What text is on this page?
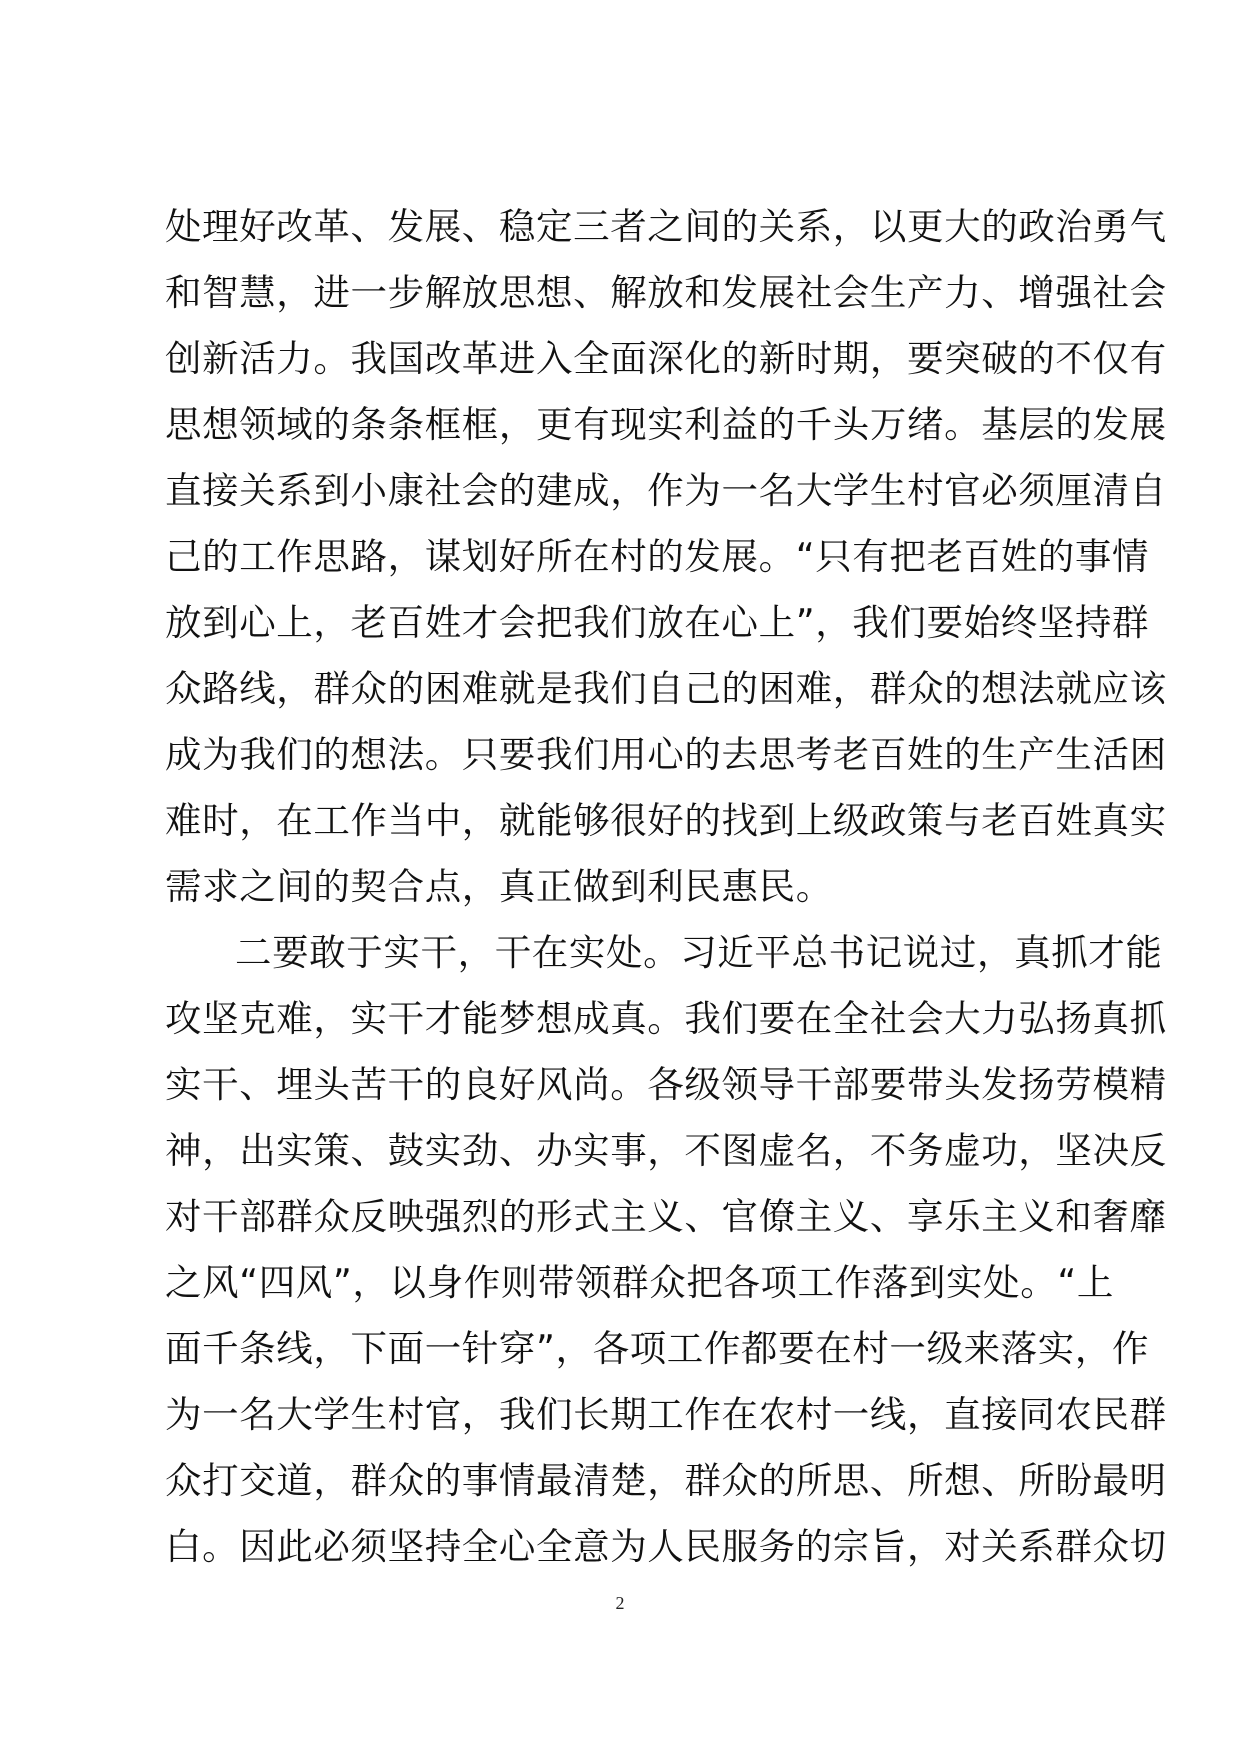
处理好改革、发展、稳定三者之间的关系，以更大的政治勇气
和智慧，进一步解放思想、解放和发展社会生产力、增强社会
创新活力。我国改革进入全面深化的新时期，要突破的不仅有
思想领域的条条框框，更有现实利益的千头万绪。基层的发展
直接关系到小康社会的建成，作为一名大学生村官必须厘清自
己的工作思路，谋划好所在村的发展。“只有把老百姓的事情
放到心上，老百姓才会把我们放在心上”，我们要始终坚持群
众路线，群众的困难就是我们自己的困难，群众的想法就应该
成为我们的想法。只要我们用心的去思考老百姓的生产生活困
难时，在工作当中，就能够很好的找到上级政策与老百姓真实
需求之间的契合点，真正做到利民惠民。
二要敢于实干，干在实处。习近平总书记说过，真抓才能
攻坚克难，实干才能梦想成真。我们要在全社会大力弘扬真抓
实干、埋头苦干的良好风尚。各级领导干部要带头发扬劳模精
神，出实策、鼓实劲、办实事，不图虚名，不务虚功，坚决反
对干部群众反映强烈的形式主义、官僚主义、享乐主义和奢靡
之风“四风”，以身作则带领群众把各项工作落到实处。“上
面千条线，下面一针穿”，各项工作都要在村一级来落实，作
为一名大学生村官，我们长期工作在农村一线，直接同农民群
众打交道，群众的事情最清楚，群众的所思、所想、所盼最明
白。因此必须坚持全心全意为人民服务的宗旨，对关系群众切
2
